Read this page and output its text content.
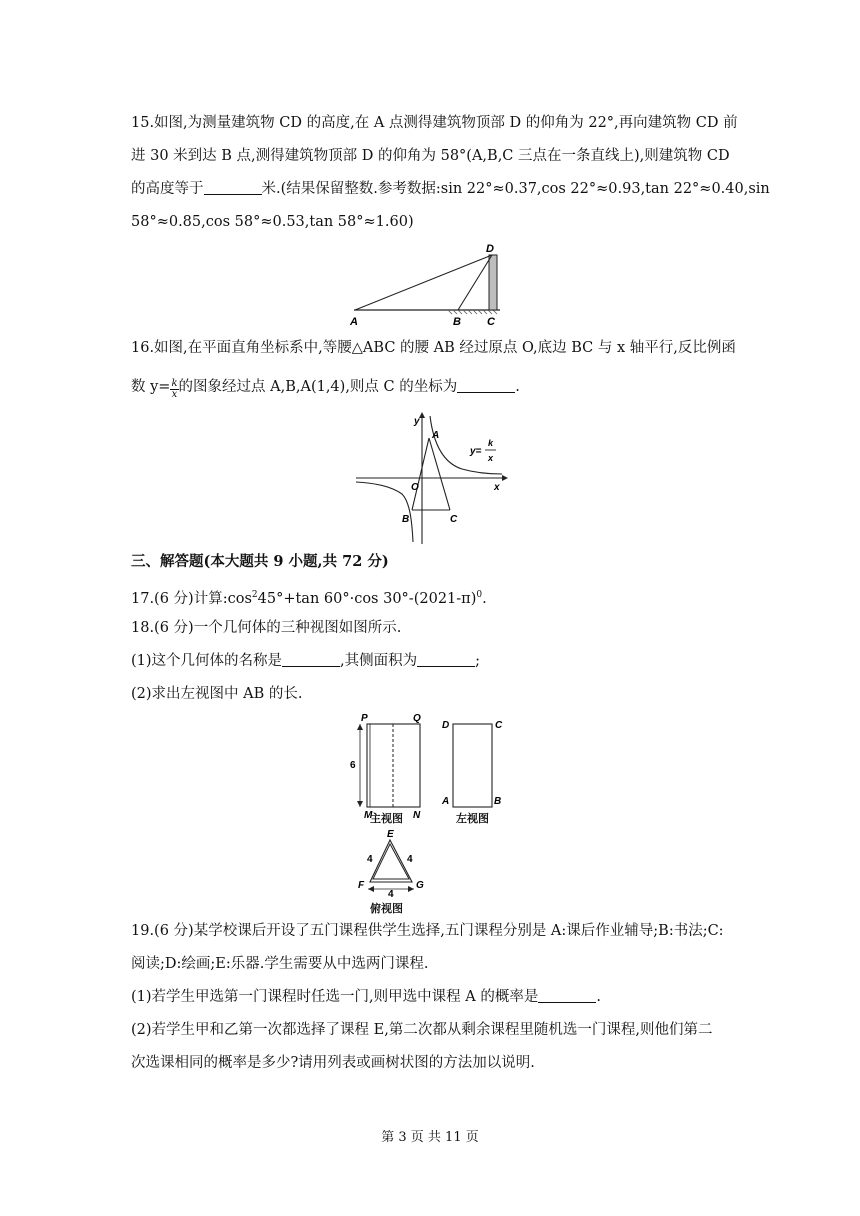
15.如图,为测量建筑物 CD 的高度,在 A 点测得建筑物顶部 D 的仰角为 22°,再向建筑物 CD 前
进 30 米到达 B 点,测得建筑物顶部 D 的仰角为 58°(A,B,C 三点在一条直线上),则建筑物 CD
的高度等于	米.(结果保留整数.参考数据:sin 22°≈0.37,cos 22°≈0.93,tan 22°≈0.40,sin
58°≈0.85,cos 58°≈0.53,tan 58°≈1.60)
A	B C
D
16.如图,在平面直角坐标系中,等腰△ABC 的腰 AB 经过原点 O,底边 BC 与 x 轴平行,反比例函
数 $y= \frac{k}{x}$ 的图象经过点 A,B,A(1,4),则点 C 的坐标为	.
y
x
O
A
B	C
y=
k
x
三、解答题(本大题共 9 小题,共 72 分)
17.(6 分)计算$:\cos^245^\circ+\tan$ 60°·cos $30^\circ-(2021-\pi)^0$.
18.(6 分)一个几何体的三种视图如图所示.
(1)这个几何体的名称是	,其侧面积为	;
(2)求出左视图中 AB 的长.
P	Q
M	N
6
主视图
D	C
A	B
左视图
E
F	G
4	4
4
俯视图
19.(6 分)某学校课后开设了五门课程供学生选择,五门课程分别是 A:课后作业辅导;B:书法;C:
阅读;D:绘画;E:乐器.学生需要从中选两门课程.
(1)若学生甲选第一门课程时任选一门,则甲选中课程 A 的概率是	.
(2)若学生甲和乙第一次都选择了课程 E,第二次都从剩余课程里随机选一门课程,则他们第二
次选课相同的概率是多少?请用列表或画树状图的方法加以说明.
第 3 页 共 11 页
